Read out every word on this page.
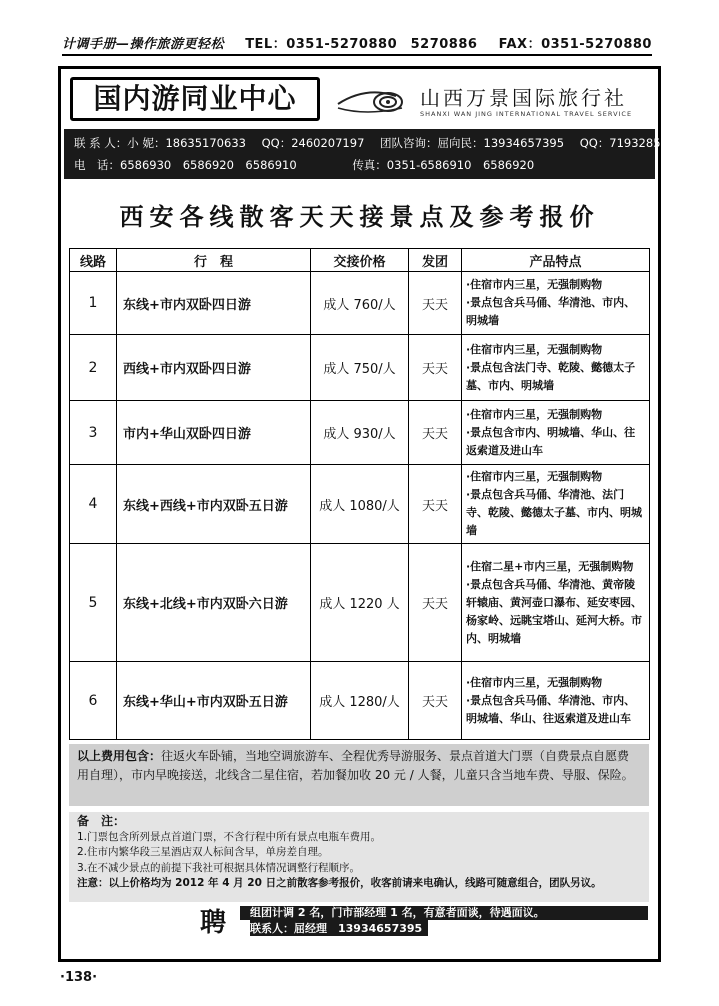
计调手册—操作旅游更轻松 TEL：0351-5270880　5270886 FAX：0351-5270880
国内游同业中心	山西万景国际旅行社
SHANXI WAN JING INTERNATIONAL TRAVEL SERVICE
联 系 人：小 妮：18635170633 QQ：2460207197 团队咨询：屈向民：13934657395 QQ：719328599
电　话：6586930　6586920　6586910	传真：0351-6586910　6586920
西安各线散客天天接景点及参考报价
线路	行　程	交接价格	发团	产品特点
1	东线+市内双卧四日游	成人 760/人	天天	·住宿市内三星，无强制购物
·景点包含兵马俑、华清池、市内、明城墙

2	西线+市内双卧四日游	成人 750/人	天天	·住宿市内三星，无强制购物
·景点包含法门寺、乾陵、懿德太子墓、市内、明城墙

3	市内+华山双卧四日游	成人 930/人	天天	·住宿市内三星，无强制购物
·景点包含市内、明城墙、华山、往返索道及进山车

4	东线+西线+市内双卧五日游	成人 1080/人	天天	·住宿市内三星，无强制购物
·景点包含兵马俑、华清池、法门寺、乾陵、懿德太子墓、市内、明城墙

5	东线+北线+市内双卧六日游	成人 1220 人	天天	·住宿二星+市内三星，无强制购物
·景点包含兵马俑、华清池、黄帝陵轩辕庙、黄河壶口瀑布、延安枣园、杨家岭、远眺宝塔山、延河大桥。市内、明城墙

6	东线+华山+市内双卧五日游	成人 1280/人	天天	·住宿市内三星，无强制购物
·景点包含兵马俑、华清池、市内、明城墙、华山、往返索道及进山车
以上费用包含：往返火车卧铺，当地空调旅游车、全程优秀导游服务、景点首道大门票（自费景点自愿费用自理），市内早晚接送，北线含二星住宿，若加餐加收 20 元 / 人餐，儿童只含当地车费、导服、保险。
备　注：
1.门票包含所列景点首道门票，不含行程中所有景点电瓶车费用。
2.住市内繁华段三星酒店双人标间含早，单房差自理。
3.在不减少景点的前提下我社可根据具体情况调整行程顺序。
注意：以上价格均为 2012 年 4 月 20 日之前散客参考报价，收客前请来电确认，线路可随意组合，团队另议。
聘 组团计调 2 名，门市部经理 1 名，有意者面谈，待遇面议。
联系人：屈经理　13934657395
·138·
